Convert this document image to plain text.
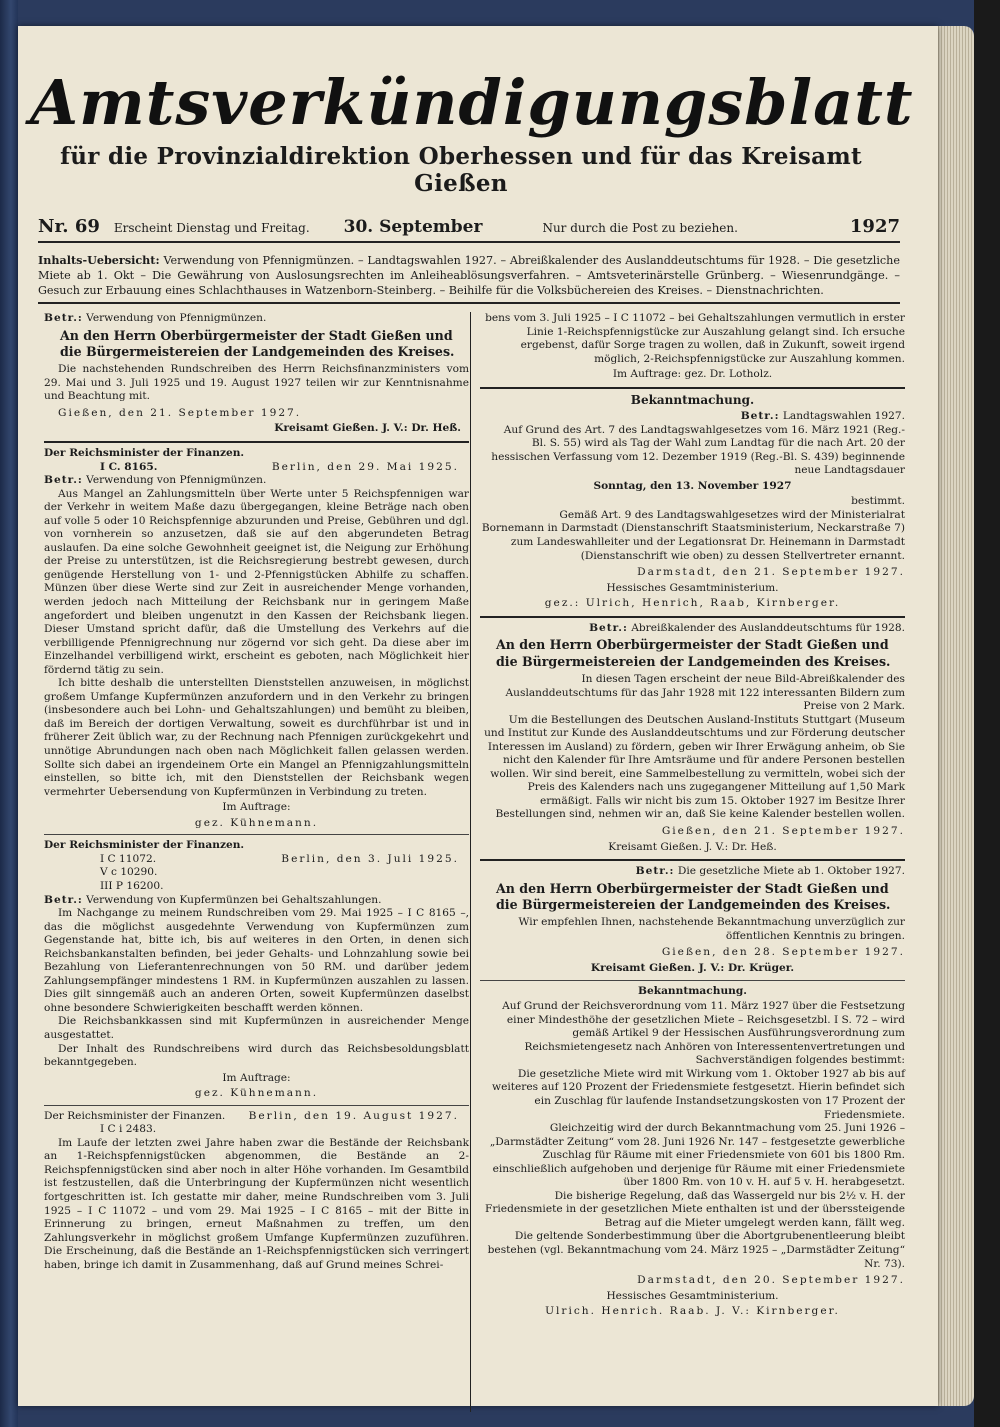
Amtsverkündigungsblatt
für die Provinzialdirektion Oberhessen und für das Kreisamt Gießen
Nr. 69 Erscheint Dienstag und Freitag. 30. September	Nur durch die Post zu beziehen.	1927
Inhalts-Uebersicht: Verwendung von Pfennigmünzen. – Landtagswahlen 1927. – Abreißkalender des Auslanddeutschtums für 1928. – Die gesetzliche Miete ab 1. Okt – Die Gewährung von Auslosungsrechten im Anleiheablösungsverfahren. – Amtsveterinärstelle Grünberg. – Wiesenrundgänge. – Gesuch zur Erbauung eines Schlachthauses in Watzenborn-Steinberg. – Beihilfe für die Volksbüchereien des Kreises. – Dienstnachrichten.

Betr.: Verwendung von Pfennigmünzen.

An den Herrn Oberbürgermeister der Stadt Gießen und die Bürgermeistereien der Landgemeinden des Kreises.

Die nachstehenden Rundschreiben des Herrn Reichsfinanzministers vom 29. Mai und 3. Juli 1925 und 19. August 1927 teilen wir zur Kenntnisnahme und Beachtung mit.

Gießen, den 21. September 1927.

Kreisamt Gießen. J. V.: Dr. Heß.

Der Reichsminister der Finanzen.

I C. 8165.	Berlin, den 29. Mai 1925.

Betr.: Verwendung von Pfennigmünzen.

Aus Mangel an Zahlungsmitteln über Werte unter 5 Reichspfennigen war der Verkehr in weitem Maße dazu übergegangen, kleine Beträge nach oben auf volle 5 oder 10 Reichspfennige abzurunden und Preise, Gebühren und dgl. von vornherein so anzusetzen, daß sie auf den abgerundeten Betrag auslaufen. Da eine solche Gewohnheit geeignet ist, die Neigung zur Erhöhung der Preise zu unterstützen, ist die Reichsregierung bestrebt gewesen, durch genügende Herstellung von 1- und 2-Pfennigstücken Abhilfe zu schaffen. Münzen über diese Werte sind zur Zeit in ausreichender Menge vorhanden, werden jedoch nach Mitteilung der Reichsbank nur in geringem Maße angefordert und bleiben ungenutzt in den Kassen der Reichsbank liegen. Dieser Umstand spricht dafür, daß die Umstellung des Verkehrs auf die verbilligende Pfennigrechnung nur zögernd vor sich geht. Da diese aber im Einzelhandel verbilligend wirkt, erscheint es geboten, nach Möglichkeit hier fördernd tätig zu sein.

Ich bitte deshalb die unterstellten Dienststellen anzuweisen, in möglichst großem Umfange Kupfermünzen anzufordern und in den Verkehr zu bringen (insbesondere auch bei Lohn- und Gehaltszahlungen) und bemüht zu bleiben, daß im Bereich der dortigen Verwaltung, soweit es durchführbar ist und in früherer Zeit üblich war, zu der Rechnung nach Pfennigen zurückgekehrt und unnötige Abrundungen nach oben nach Möglichkeit fallen gelassen werden. Sollte sich dabei an irgendeinem Orte ein Mangel an Pfennigzahlungsmitteln einstellen, so bitte ich, mit den Dienststellen der Reichsbank wegen vermehrter Uebersendung von Kupfermünzen in Verbindung zu treten.

Im Auftrage:

gez. Kühnemann.

Der Reichsminister der Finanzen.

I C 11072.	Berlin, den 3. Juli 1925.

V c 10290.

III P 16200.

Betr.: Verwendung von Kupfermünzen bei Gehaltszahlungen.

Im Nachgange zu meinem Rundschreiben vom 29. Mai 1925 – I C 8165 –, das die möglichst ausgedehnte Verwendung von Kupfermünzen zum Gegenstande hat, bitte ich, bis auf weiteres in den Orten, in denen sich Reichsbankanstalten befinden, bei jeder Gehalts- und Lohnzahlung sowie bei Bezahlung von Lieferantenrechnungen von 50 RM. und darüber jedem Zahlungsempfänger mindestens 1 RM. in Kupfermünzen auszahlen zu lassen. Dies gilt sinngemäß auch an anderen Orten, soweit Kupfermünzen daselbst ohne besondere Schwierigkeiten beschafft werden können.

Die Reichsbankkassen sind mit Kupfermünzen in ausreichender Menge ausgestattet.

Der Inhalt des Rundschreibens wird durch das Reichsbesoldungsblatt bekanntgegeben.

Im Auftrage:

gez. Kühnemann.

Der Reichsminister der Finanzen. Berlin, den 19. August 1927.

I C i 2483.

Im Laufe der letzten zwei Jahre haben zwar die Bestände der Reichsbank an 1-Reichspfennigstücken abgenommen, die Bestände an 2-Reichspfennigstücken sind aber noch in alter Höhe vorhanden. Im Gesamtbild ist festzustellen, daß die Unterbringung der Kupfermünzen nicht wesentlich fortgeschritten ist. Ich gestatte mir daher, meine Rundschreiben vom 3. Juli 1925 – I C 11072 – und vom 29. Mai 1925 – I C 8165 – mit der Bitte in Erinnerung zu bringen, erneut Maßnahmen zu treffen, um den Zahlungsverkehr in möglichst großem Umfange Kupfermünzen zuzuführen. Die Erscheinung, daß die Bestände an 1-Reichspfennigstücken sich verringert haben, bringe ich damit in Zusammenhang, daß auf Grund meines Schrei-

bens vom 3. Juli 1925 – I C 11072 – bei Gehaltszahlungen vermutlich in erster Linie 1-Reichspfennigstücke zur Auszahlung gelangt sind. Ich ersuche ergebenst, dafür Sorge tragen zu wollen, daß in Zukunft, soweit irgend möglich, 2-Reichspfennigstücke zur Auszahlung kommen.

Im Auftrage: gez. Dr. Lotholz.

Bekanntmachung.

Betr.: Landtagswahlen 1927.

Auf Grund des Art. 7 des Landtagswahlgesetzes vom 16. März 1921 (Reg.-Bl. S. 55) wird als Tag der Wahl zum Landtag für die nach Art. 20 der hessischen Verfassung vom 12. Dezember 1919 (Reg.-Bl. S. 439) beginnende neue Landtagsdauer

Sonntag, den 13. November 1927

bestimmt.

Gemäß Art. 9 des Landtagswahlgesetzes wird der Ministerialrat Bornemann in Darmstadt (Dienstanschrift Staatsministerium, Neckarstraße 7) zum Landeswahlleiter und der Legationsrat Dr. Heinemann in Darmstadt (Dienstanschrift wie oben) zu dessen Stellvertreter ernannt.

Darmstadt, den 21. September 1927.

Hessisches Gesamtministerium.

gez.: Ulrich, Henrich, Raab, Kirnberger.

Betr.: Abreißkalender des Auslanddeutschtums für 1928.

An den Herrn Oberbürgermeister der Stadt Gießen und die Bürgermeistereien der Landgemeinden des Kreises.

In diesen Tagen erscheint der neue Bild-Abreißkalender des Auslanddeutschtums für das Jahr 1928 mit 122 interessanten Bildern zum Preise von 2 Mark.

Um die Bestellungen des Deutschen Ausland-Instituts Stuttgart (Museum und Institut zur Kunde des Auslanddeutschtums und zur Förderung deutscher Interessen im Ausland) zu fördern, geben wir Ihrer Erwägung anheim, ob Sie nicht den Kalender für Ihre Amtsräume und für andere Personen bestellen wollen. Wir sind bereit, eine Sammelbestellung zu vermitteln, wobei sich der Preis des Kalenders nach uns zugegangener Mitteilung auf 1,50 Mark ermäßigt. Falls wir nicht bis zum 15. Oktober 1927 im Besitze Ihrer Bestellungen sind, nehmen wir an, daß Sie keine Kalender bestellen wollen.

Gießen, den 21. September 1927.

Kreisamt Gießen. J. V.: Dr. Heß.

Betr.: Die gesetzliche Miete ab 1. Oktober 1927.

An den Herrn Oberbürgermeister der Stadt Gießen und die Bürgermeistereien der Landgemeinden des Kreises.

Wir empfehlen Ihnen, nachstehende Bekanntmachung unverzüglich zur öffentlichen Kenntnis zu bringen.

Gießen, den 28. September 1927.

Kreisamt Gießen. J. V.: Dr. Krüger.

Bekanntmachung.

Auf Grund der Reichsverordnung vom 11. März 1927 über die Festsetzung einer Mindesthöhe der gesetzlichen Miete – Reichsgesetzbl. I S. 72 – wird gemäß Artikel 9 der Hessischen Ausführungsverordnung zum Reichsmietengesetz nach Anhören von Interessentenvertretungen und Sachverständigen folgendes bestimmt:

Die gesetzliche Miete wird mit Wirkung vom 1. Oktober 1927 ab bis auf weiteres auf 120 Prozent der Friedensmiete festgesetzt. Hierin befindet sich ein Zuschlag für laufende Instandsetzungskosten von 17 Prozent der Friedensmiete.

Gleichzeitig wird der durch Bekanntmachung vom 25. Juni 1926 – „Darmstädter Zeitung“ vom 28. Juni 1926 Nr. 147 – festgesetzte gewerbliche Zuschlag für Räume mit einer Friedensmiete von 601 bis 1800 Rm. einschließlich aufgehoben und derjenige für Räume mit einer Friedensmiete über 1800 Rm. von 10 v. H. auf 5 v. H. herabgesetzt.

Die bisherige Regelung, daß das Wassergeld nur bis 2½ v. H. der Friedensmiete in der gesetzlichen Miete enthalten ist und der überssteigende Betrag auf die Mieter umgelegt werden kann, fällt weg.

Die geltende Sonderbestimmung über die Abortgrubenentleerung bleibt bestehen (vgl. Bekanntmachung vom 24. März 1925 – „Darmstädter Zeitung“ Nr. 73).

Darmstadt, den 20. September 1927.

Hessisches Gesamtministerium.

Ulrich. Henrich. Raab. J. V.: Kirnberger.
